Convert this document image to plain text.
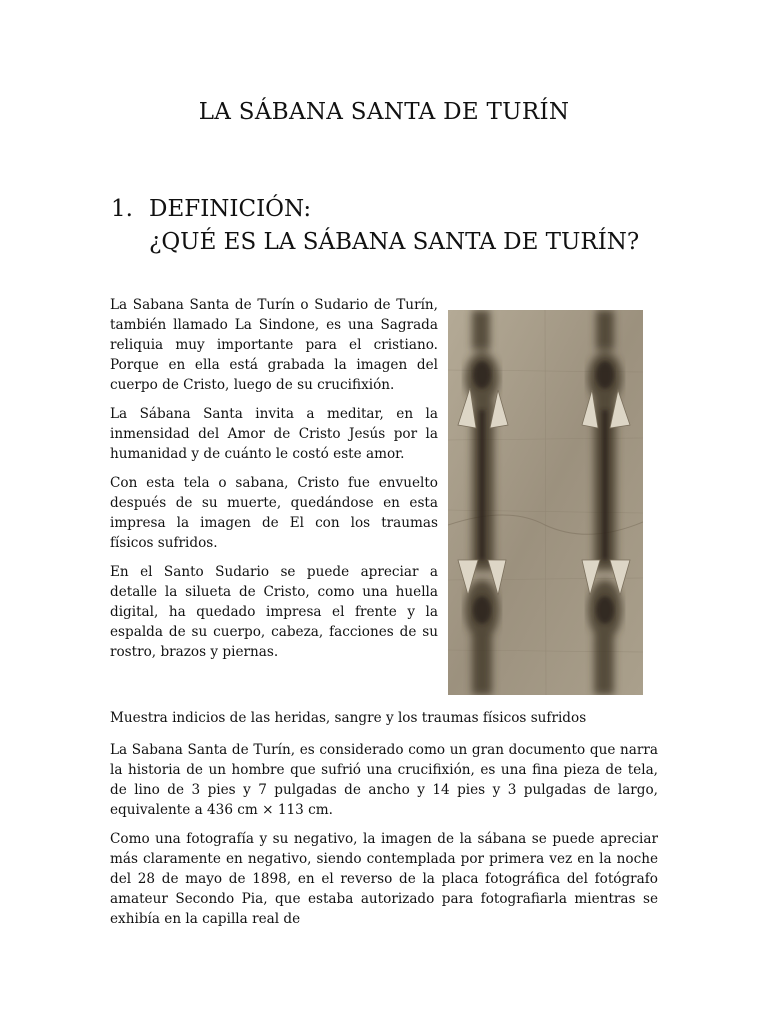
LA SÁBANA SANTA DE TURÍN
1. DEFINICIÓN:
¿QUÉ ES LA SÁBANA SANTA DE TURÍN?

La Sabana Santa de Turín o Sudario de Turín, también llamado La Sindone, es una Sagrada reliquia muy importante para el cristiano. Porque en ella está grabada la imagen del cuerpo de Cristo, luego de su crucifixión.

La Sábana Santa invita a meditar, en la inmensidad del Amor de Cristo Jesús por la humanidad y de cuánto le costó este amor.

Con esta tela o sabana, Cristo fue envuelto después de su muerte, quedándose en esta impresa la imagen de El con los traumas físicos sufridos.

En el Santo Sudario se puede apreciar a detalle la silueta de Cristo, como una huella digital, ha quedado impresa el frente y la espalda de su cuerpo, cabeza, facciones de su rostro, brazos y piernas.

Muestra indicios de las heridas, sangre y los traumas físicos sufridos

La Sabana Santa de Turín, es considerado como un gran documento que narra la historia de un hombre que sufrió una crucifixión, es una fina pieza de tela, de lino de 3 pies y 7 pulgadas de ancho y 14 pies y 3 pulgadas de largo, equivalente a 436 cm × 113 cm.

Como una fotografía y su negativo, la imagen de la sábana se puede apreciar más claramente en negativo, siendo contemplada por primera vez en la noche del 28 de mayo de 1898, en el reverso de la placa fotográfica del fotógrafo amateur Secondo Pia, que estaba autorizado para fotografiarla mientras se exhibía en la capilla real de
